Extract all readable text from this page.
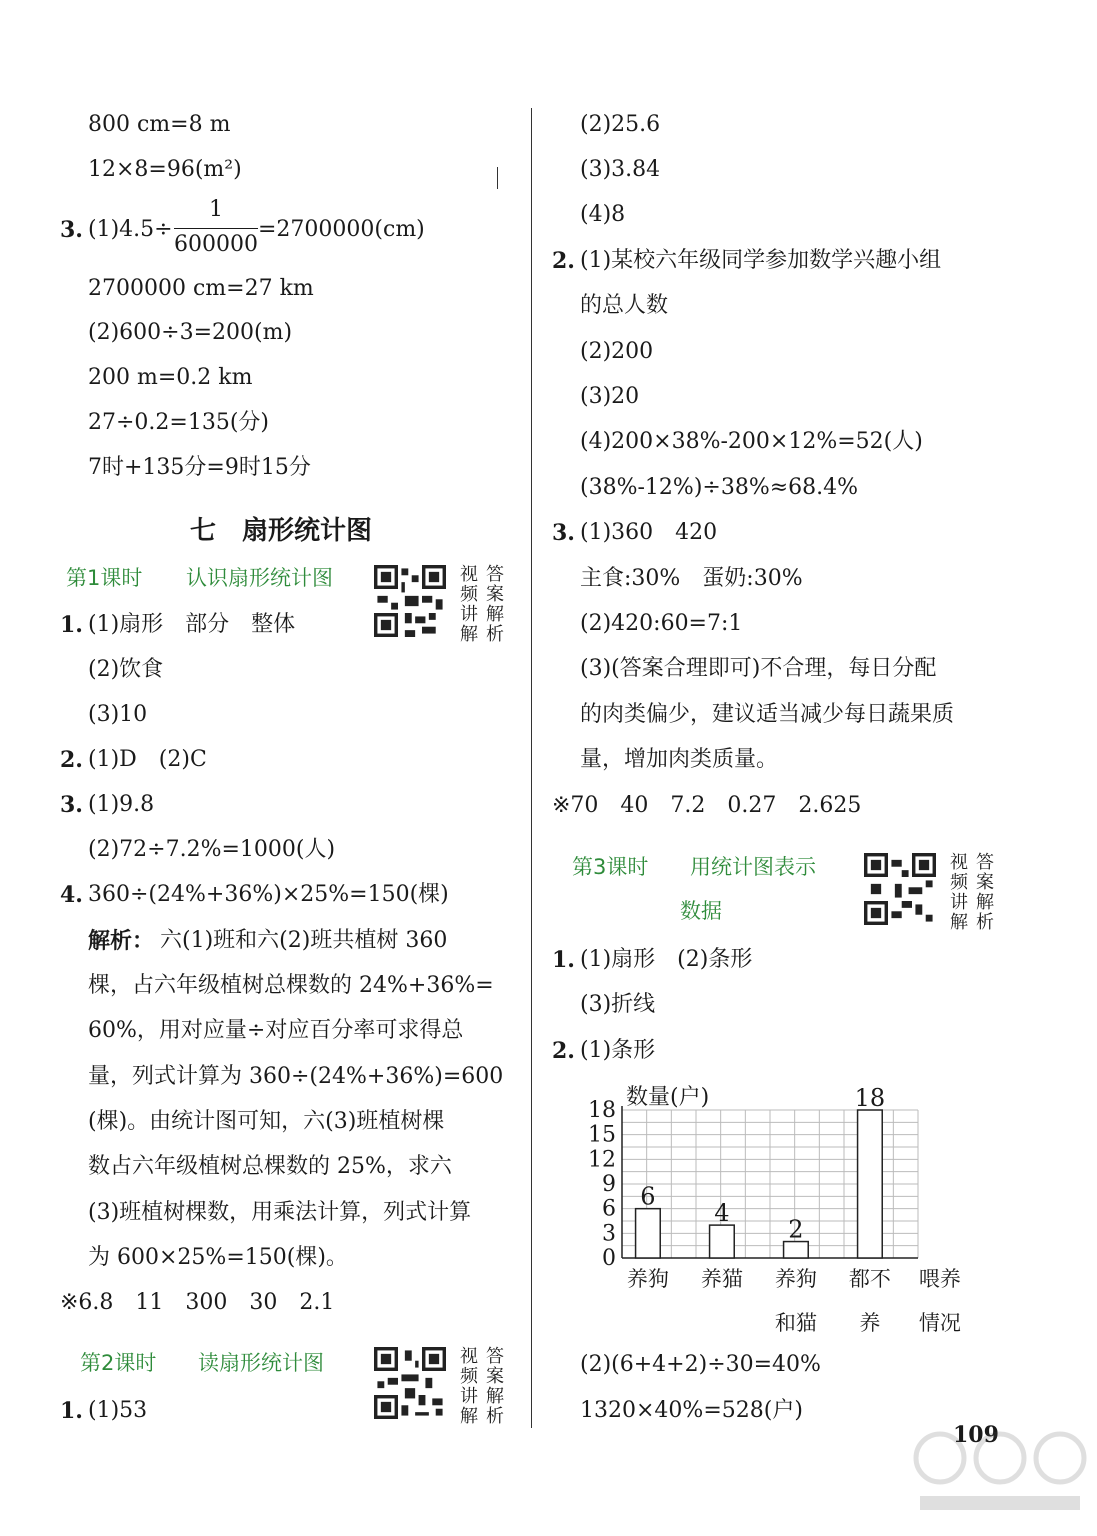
800 cm=8 m
12×8=96(m²)
3. (1)4.5÷
1
600000
=2700000(cm)
2700000 cm=27 km
(2)600÷3=200(m)
200 m=0.2 km
27÷0.2=135(分)
7时+135分=9时15分
七　扇形统计图
第1课时 认识扇形统计图	视频讲解
答案解析
1. (1)扇形　部分　整体
(2)饮食
(3)10
2. (1)D　(2)C
3. (1)9.8
(2)72÷7.2%=1000(人)
4. 360÷(24%+36%)×25%=150(棵)
解析： 六(1)班和六(2)班共植树 360
棵，占六年级植树总棵数的 24%+36%=
60%，用对应量÷对应百分率可求得总
量，列式计算为 360÷(24%+36%)=600
(棵)。由统计图可知，六(3)班植树棵
数占六年级植树总棵数的 25%，求六
(3)班植树棵数，用乘法计算，列式计算
为 600×25%=150(棵)。
※6.8　11　300　30　2.1
第2课时 读扇形统计图	视频讲解
答案解析
1. (1)53
(2)25.6
(3)3.84
(4)8
2. (1)某校六年级同学参加数学兴趣小组
的总人数
(2)200
(3)20
(4)200×38%-200×12%=52(人)
(38%-12%)÷38%≈68.4%
3. (1)360　420
主食:30%　蛋奶:30%
(2)420:60=7:1
(3)(答案合理即可)不合理，每日分配
的肉类偏少，建议适当减少每日蔬果质
量，增加肉类质量。
※70　40　7.2　0.27　2.625
第3课时 用统计图表示
数据
视频讲解
答案解析
1. (1)扇形　(2)条形
(3)折线
2. (1)条形
数量(户)
18
15
12
9
6
3
0
6
4
2
18
养狗 养猫 养狗
和猫
都不
养
喂养
情况
(2)(6+4+2)÷30=40%
1320×40%=528(户)
109
